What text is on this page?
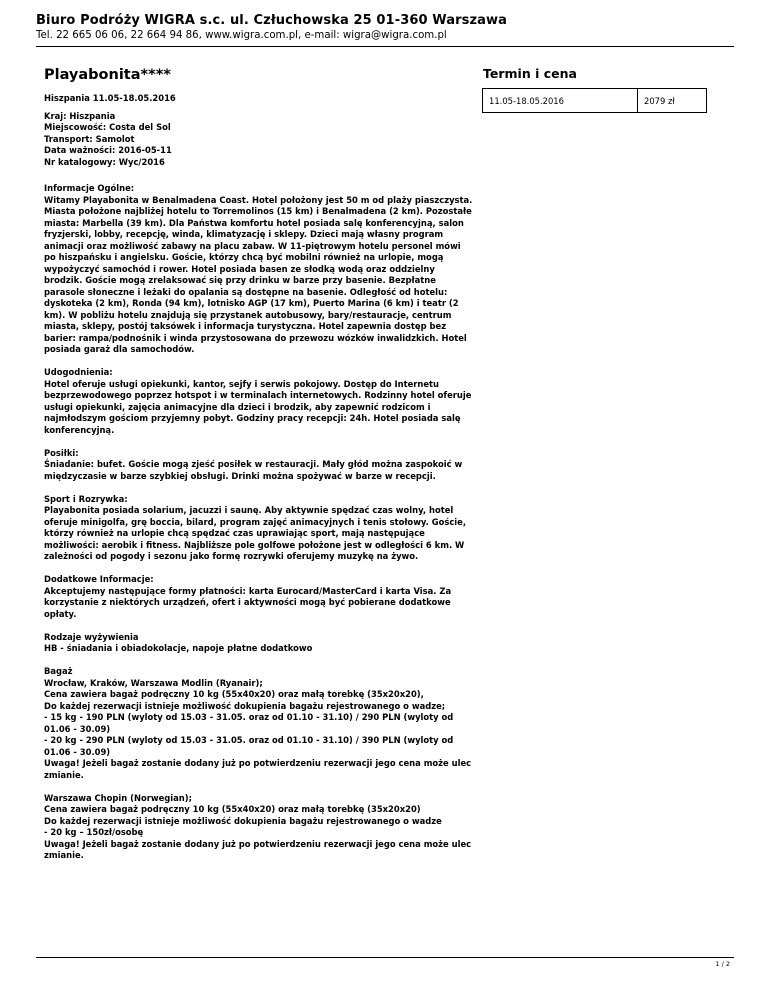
Biuro Podróży WIGRA s.c. ul. Człuchowska 25 01-360 Warszawa
Tel. 22 665 06 06, 22 664 94 86, www.wigra.com.pl, e-mail: wigra@wigra.com.pl
Playabonita****
Hiszpania 11.05-18.05.2016
Kraj: Hiszpania
Miejscowość: Costa del Sol
Transport: Samolot
Data ważności: 2016-05-11
Nr katalogowy: Wyc/2016
Termin i cena
11.05-18.05.2016	2079 zł

Informacje Ogólne:
Witamy Playabonita w Benalmadena Coast. Hotel położony jest 50 m od plaży piaszczysta. Miasta położone najbliżej hotelu to Torremolinos (15 km) i Benalmadena (2 km). Pozostałe miasta: Marbella (39 km). Dla Państwa komfortu hotel posiada salę konferencyjną, salon fryzjerski, lobby, recepcję, winda, klimatyzację i sklepy. Dzieci mają własny program animacji oraz możliwość zabawy na placu zabaw. W 11-piętrowym hotelu personel mówi po hiszpańsku i angielsku. Goście, którzy chcą być mobilni również na urlopie, mogą wypożyczyć samochód i rower. Hotel posiada basen ze słodką wodą oraz oddzielny brodzik. Goście mogą zrelaksować się przy drinku w barze przy basenie. Bezpłatne parasole słoneczne i leżaki do opalania są dostępne na basenie. Odległość od hotelu: dyskoteka (2 km), Ronda (94 km), lotnisko AGP (17 km), Puerto Marina (6 km) i teatr (2 km). W pobliżu hotelu znajdują się przystanek autobusowy, bary/restauracje, centrum miasta, sklepy, postój taksówek i informacja turystyczna. Hotel zapewnia dostęp bez barier: rampa/podnośnik i winda przystosowana do przewozu wózków inwalidzkich. Hotel posiada garaż dla samochodów.

Udogodnienia:
Hotel oferuje usługi opiekunki, kantor, sejfy i serwis pokojowy. Dostęp do Internetu bezprzewodowego poprzez hotspot i w terminalach internetowych. Rodzinny hotel oferuje usługi opiekunki, zajęcia animacyjne dla dzieci i brodzik, aby zapewnić rodzicom i najmłodszym gościom przyjemny pobyt. Godziny pracy recepcji: 24h. Hotel posiada salę konferencyjną.

Posiłki:
Śniadanie: bufet. Goście mogą zjeść posiłek w restauracji. Mały głód można zaspokoić w międzyczasie w barze szybkiej obsługi. Drinki można spożywać w barze w recepcji.

Sport i Rozrywka:
Playabonita posiada solarium, jacuzzi i saunę. Aby aktywnie spędzać czas wolny, hotel oferuje minigolfa, grę boccia, bilard, program zajęć animacyjnych i tenis stołowy. Goście, którzy również na urlopie chcą spędzać czas uprawiając sport, mają następujące możliwości: aerobik i fitness. Najbliższe pole golfowe położone jest w odległości 6 km. W zależności od pogody i sezonu jako formę rozrywki oferujemy muzykę na żywo.

Dodatkowe Informacje:
Akceptujemy następujące formy płatności: karta Eurocard/MasterCard i karta Visa. Za korzystanie z niektórych urządzeń, ofert i aktywności mogą być pobierane dodatkowe opłaty.

Rodzaje wyżywienia
HB - śniadania i obiadokolacje, napoje płatne dodatkowo

Bagaż
Wrocław, Kraków, Warszawa Modlin (Ryanair);
Cena zawiera bagaż podręczny 10 kg (55x40x20) oraz małą torebkę (35x20x20),
Do każdej rezerwacji istnieje możliwość dokupienia bagażu rejestrowanego o wadze;
- 15 kg - 190 PLN (wyloty od 15.03 - 31.05. oraz od 01.10 - 31.10) / 290 PLN (wyloty od 01.06 - 30.09)
- 20 kg - 290 PLN (wyloty od 15.03 - 31.05. oraz od 01.10 - 31.10) / 390 PLN (wyloty od 01.06 - 30.09)
Uwaga! Jeżeli bagaż zostanie dodany już po potwierdzeniu rezerwacji jego cena może ulec zmianie.

Warszawa Chopin (Norwegian);
Cena zawiera bagaż podręczny 10 kg (55x40x20) oraz małą torebkę (35x20x20)
Do każdej rezerwacji istnieje możliwość dokupienia bagażu rejestrowanego o wadze
- 20 kg – 150zł/osobę
Uwaga! Jeżeli bagaż zostanie dodany już po potwierdzeniu rezerwacji jego cena może ulec zmianie.

1 / 2
